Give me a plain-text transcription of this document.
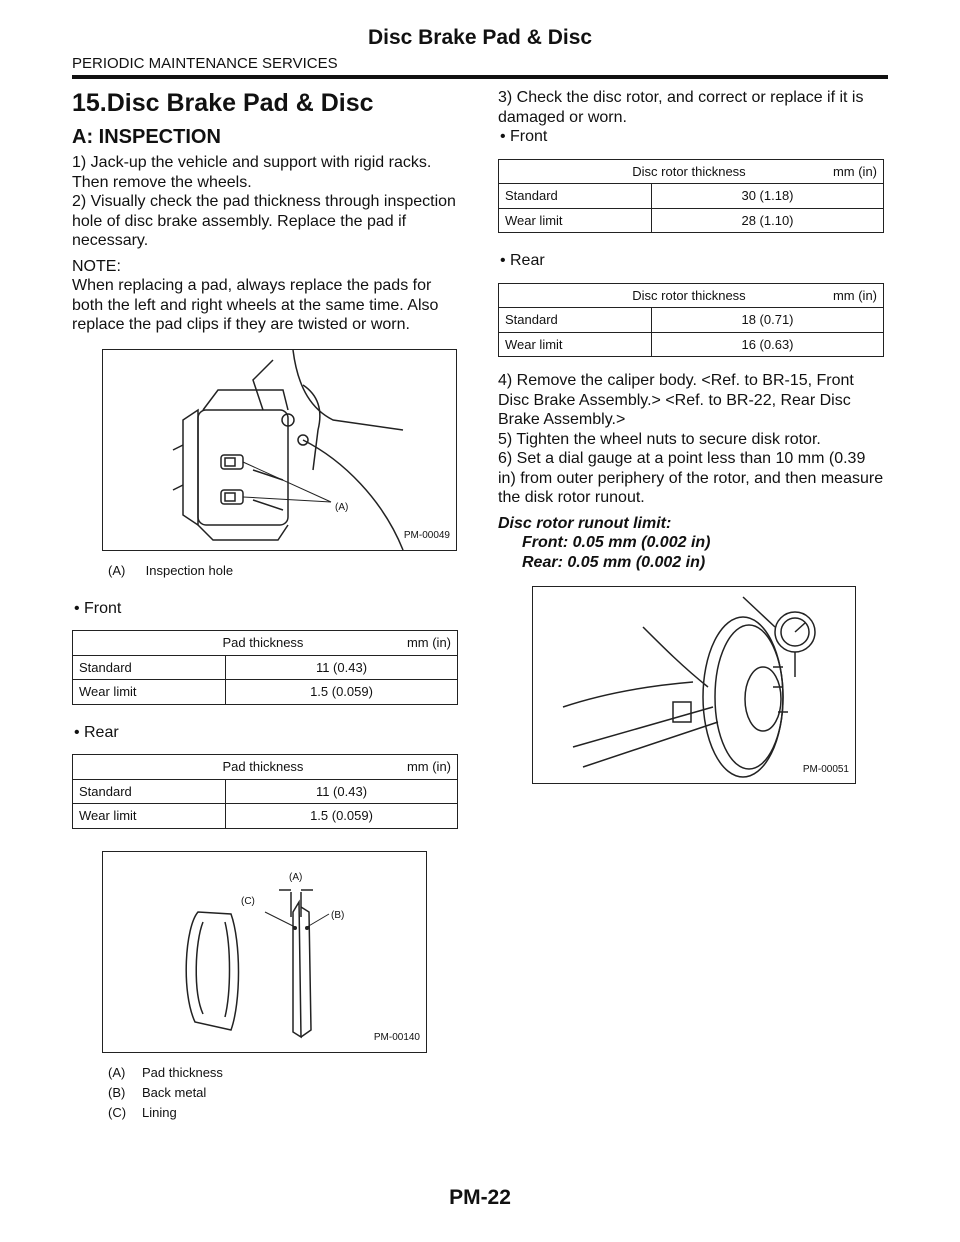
Disc Brake Pad & Disc
PERIODIC MAINTENANCE SERVICES
15.Disc Brake Pad & Disc
A: INSPECTION

1) Jack-up the vehicle and support with rigid racks. Then remove the wheels.

2) Visually check the pad thickness through inspection hole of disc brake assembly. Replace the pad if necessary.

NOTE:

When replacing a pad, always replace the pads for both the left and right wheels at the same time. Also replace the pad clips if they are twisted or worn.

(A)
PM-00049
(A) Inspection hole

• Front

Pad thickness mm (in)	

Standard	11 (0.43)
Wear limit	1.5 (0.059)

• Rear

Pad thickness mm (in)	

Standard	11 (0.43)
Wear limit	1.5 (0.059)
(A)
(B)
(C)
PM-00140
(A) Pad thickness
(B) Back metal
(C) Lining

3) Check the disc rotor, and correct or replace if it is damaged or worn.

• Front

Disc rotor thickness mm (in)	

Standard	30 (1.18)
Wear limit	28 (1.10)

• Rear

Disc rotor thickness mm (in)	

Standard	18 (0.71)
Wear limit	16 (0.63)

4) Remove the caliper body. <Ref. to BR-15, Front Disc Brake Assembly.> <Ref. to BR-22, Rear Disc Brake Assembly.>

5) Tighten the wheel nuts to secure disk rotor.

6) Set a dial gauge at a point less than 10 mm (0.39 in) from outer periphery of the rotor, and then measure the disk rotor runout.

Disc rotor runout limit:
Front: 0.05 mm (0.002 in)
Rear: 0.05 mm (0.002 in)
PM-00051
PM-22
